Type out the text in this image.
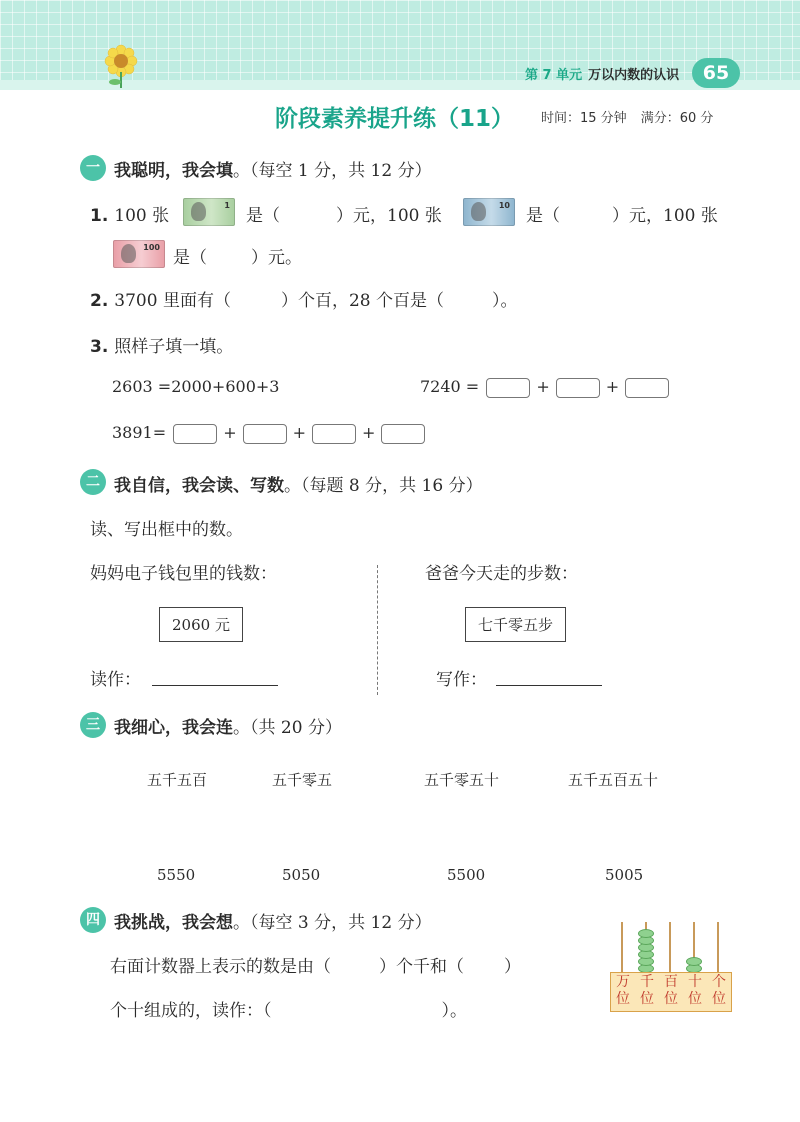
第 7 单元 万以内数的认识	65
阶段素养提升练（11） 时间：15 分钟 满分：60 分
一 我聪明，我会填。（每空 1 分，共 12 分）
1. 100 张
1
是（	）元，100 张
10
是（	）元，100 张
100
是（	）元。
2. 3700 里面有（	）个百，28 个百是（	）。
3. 照样子填一填。
2603 =2000+600+3	7240 =	+	+
3891=	+	+	+
二 我自信，我会读、写数。（每题 8 分，共 16 分）
读、写出框中的数。
妈妈电子钱包里的钱数：
2060 元
读作：
爸爸今天走的步数：
七千零五步
写作：
三 我细心，我会连。（共 20 分）
五千五百	五千零五	五千零五十	五千五百五十
5550	5050	5500	5005
四 我挑战，我会想。（每空 3 分，共 12 分）
右面计数器上表示的数是由（	）个千和（ ）
个十组成的，读作：（	）。
万
位
千
位
百
位
十
位
个
位
